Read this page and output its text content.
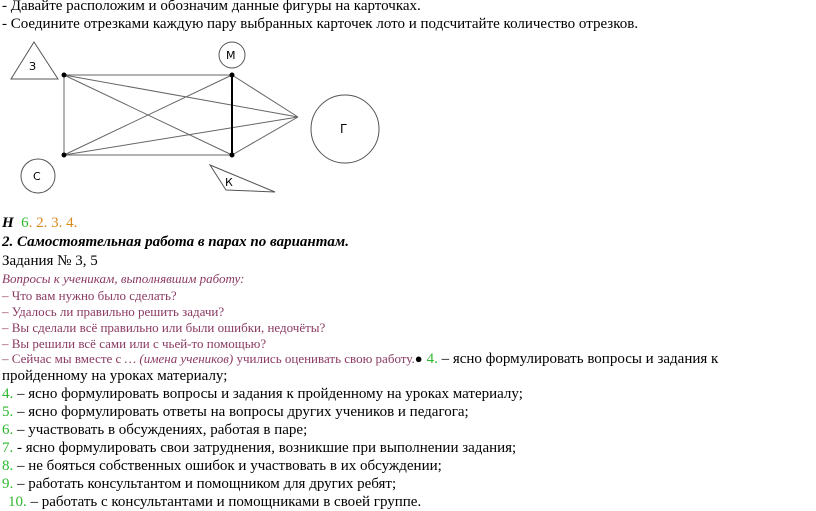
- Давайте расположим и обозначим данные фигуры на карточках.
- Соедините отрезками каждую пару выбранных карточек лото и подсчитайте количество отрезков.
З
М
Г
С	К
Н 6. 2. 3. 4.
2. Самостоятельная работа в парах по вариантам.
Задания № 3, 5
Вопросы к ученикам, выполнявшим работу:
– Что вам нужно было сделать?
– Удалось ли правильно решить задачи?
– Вы сделали всё правильно или были ошибки, недочёты?
– Вы решили всё сами или с чьей-то помощью?
– Сейчас мы вместе с … (имена учеников) учились оценивать свою работу.● 4. – ясно формулировать вопросы и задания к
пройденному на уроках материалу;
4. – ясно формулировать вопросы и задания к пройденному на уроках материалу;
5. – ясно формулировать ответы на вопросы других учеников и педагога;
6. – участвовать в обсуждениях, работая в паре;
7. - ясно формулировать свои затруднения, возникшие при выполнении задания;
8. – не бояться собственных ошибок и участвовать в их обсуждении;
9. – работать консультантом и помощником для других ребят;
10. – работать с консультантами и помощниками в своей группе.
